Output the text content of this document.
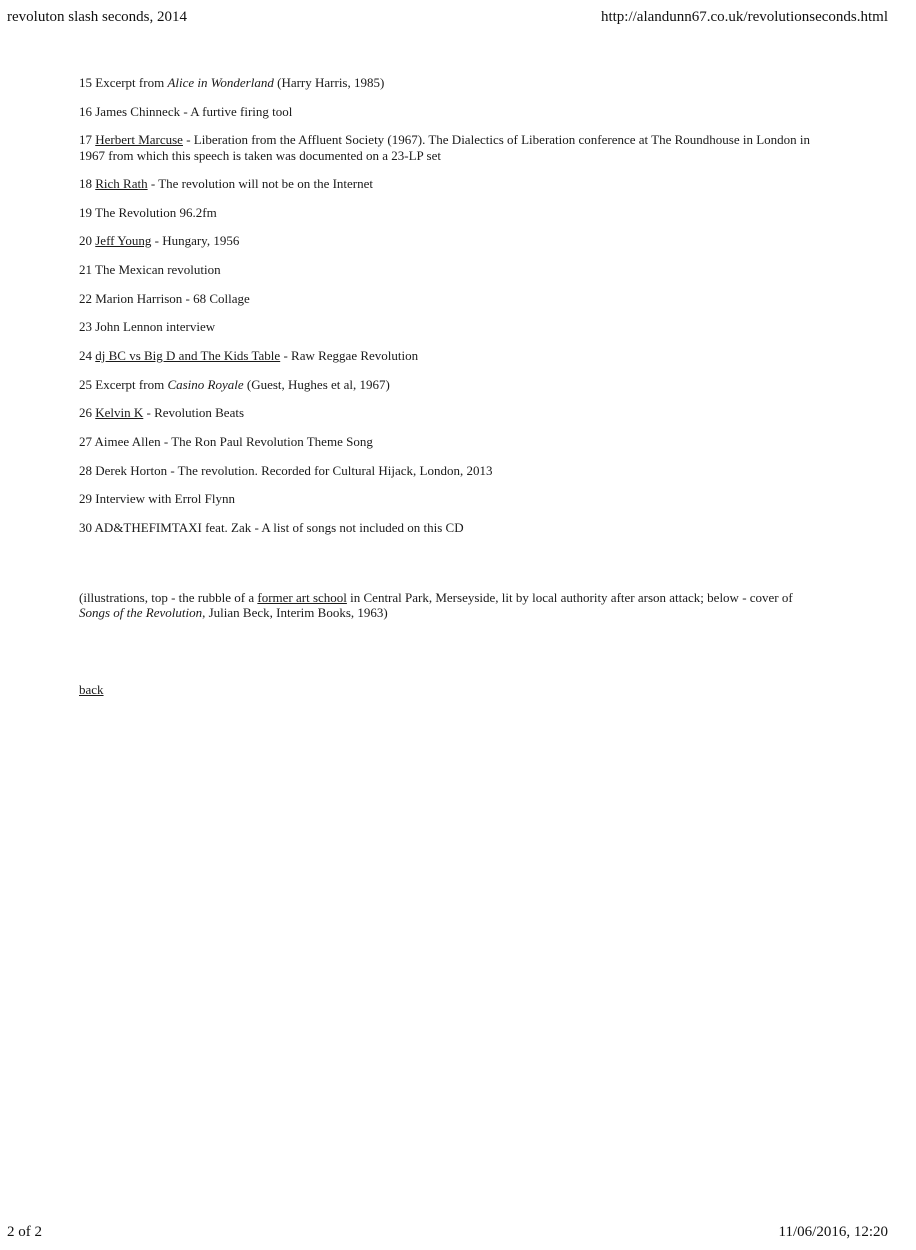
revoluton slash seconds, 2014	http://alandunn67.co.uk/revolutionseconds.html
15 Excerpt from Alice in Wonderland (Harry Harris, 1985)
16 James Chinneck - A furtive firing tool
17 Herbert Marcuse - Liberation from the Affluent Society (1967). The Dialectics of Liberation conference at The Roundhouse in London in 1967 from which this speech is taken was documented on a 23-LP set
18 Rich Rath - The revolution will not be on the Internet
19 The Revolution 96.2fm
20 Jeff Young - Hungary, 1956
21 The Mexican revolution
22 Marion Harrison - 68 Collage
23 John Lennon interview
24 dj BC vs Big D and The Kids Table - Raw Reggae Revolution
25 Excerpt from Casino Royale (Guest, Hughes et al, 1967)
26 Kelvin K - Revolution Beats
27 Aimee Allen - The Ron Paul Revolution Theme Song
28 Derek Horton - The revolution. Recorded for Cultural Hijack, London, 2013
29 Interview with Errol Flynn
30 AD&THEFIMTAXI feat. Zak - A list of songs not included on this CD
(illustrations, top - the rubble of a former art school in Central Park, Merseyside, lit by local authority after arson attack; below - cover of Songs of the Revolution, Julian Beck, Interim Books, 1963)
back
2 of 2	11/06/2016, 12:20
